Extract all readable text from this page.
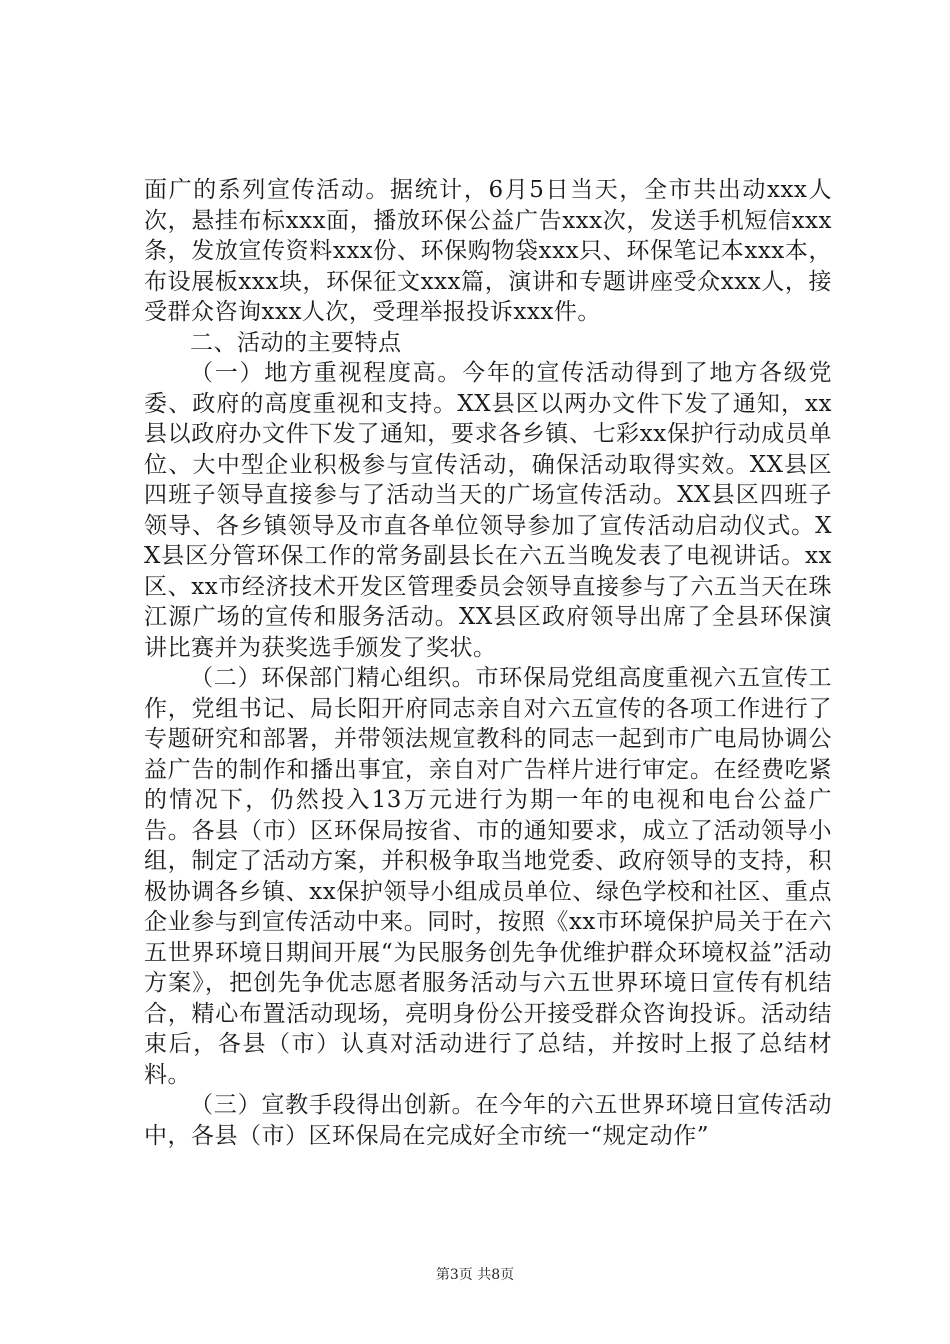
面广的系列宣传活动。据统计，6月5日当天，全市共出动xxx人次，悬挂布标xxx面，播放环保公益广告xxx次，发送手机短信xxx条，发放宣传资料xxx份、环保购物袋xxx只、环保笔记本xxx本，布设展板xxx块，环保征文xxx篇，演讲和专题讲座受众xxx人，接受群众咨询xxx人次，受理举报投诉xxx件。

二、活动的主要特点

（一）地方重视程度高。今年的宣传活动得到了地方各级党委、政府的高度重视和支持。XX县区以两办文件下发了通知，xx县以政府办文件下发了通知，要求各乡镇、七彩xx保护行动成员单位、大中型企业积极参与宣传活动，确保活动取得实效。XX县区四班子领导直接参与了活动当天的广场宣传活动。XX县区四班子领导、各乡镇领导及市直各单位领导参加了宣传活动启动仪式。XX县区分管环保工作的常务副县长在六五当晚发表了电视讲话。xx区、xx市经济技术开发区管理委员会领导直接参与了六五当天在珠江源广场的宣传和服务活动。XX县区政府领导出席了全县环保演讲比赛并为获奖选手颁发了奖状。

（二）环保部门精心组织。市环保局党组高度重视六五宣传工作，党组书记、局长阳开府同志亲自对六五宣传的各项工作进行了专题研究和部署，并带领法规宣教科的同志一起到市广电局协调公益广告的制作和播出事宜，亲自对广告样片进行审定。在经费吃紧的情况下，仍然投入13万元进行为期一年的电视和电台公益广告。各县（市）区环保局按省、市的通知要求，成立了活动领导小组，制定了活动方案，并积极争取当地党委、政府领导的支持，积极协调各乡镇、xx保护领导小组成员单位、绿色学校和社区、重点企业参与到宣传活动中来。同时，按照《xx市环境保护局关于在六五世界环境日期间开展“为民服务创先争优维护群众环境权益”活动方案》，把创先争优志愿者服务活动与六五世界环境日宣传有机结合，精心布置活动现场，亮明身份公开接受群众咨询投诉。活动结束后，各县（市）认真对活动进行了总结，并按时上报了总结材料。

（三）宣教手段得出创新。在今年的六五世界环境日宣传活动中，各县（市）区环保局在完成好全市统一“规定动作”

第3页 共8页
